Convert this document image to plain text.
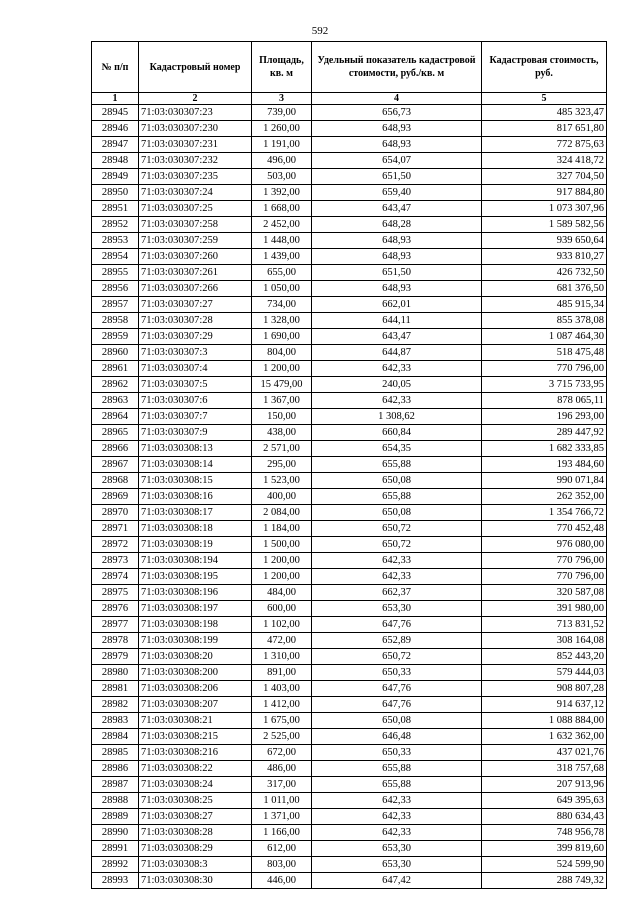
592
№ п/п	Кадастровый номер	Площадь, кв. м	Удельный показатель кадастровой стоимости, руб./кв. м	Кадастровая стоимость, руб.
1	2	3	4	5
28945	71:03:030307:23	739,00	656,73	485 323,47
28946	71:03:030307:230	1 260,00	648,93	817 651,80
28947	71:03:030307:231	1 191,00	648,93	772 875,63
28948	71:03:030307:232	496,00	654,07	324 418,72
28949	71:03:030307:235	503,00	651,50	327 704,50
28950	71:03:030307:24	1 392,00	659,40	917 884,80
28951	71:03:030307:25	1 668,00	643,47	1 073 307,96
28952	71:03:030307:258	2 452,00	648,28	1 589 582,56
28953	71:03:030307:259	1 448,00	648,93	939 650,64
28954	71:03:030307:260	1 439,00	648,93	933 810,27
28955	71:03:030307:261	655,00	651,50	426 732,50
28956	71:03:030307:266	1 050,00	648,93	681 376,50
28957	71:03:030307:27	734,00	662,01	485 915,34
28958	71:03:030307:28	1 328,00	644,11	855 378,08
28959	71:03:030307:29	1 690,00	643,47	1 087 464,30
28960	71:03:030307:3	804,00	644,87	518 475,48
28961	71:03:030307:4	1 200,00	642,33	770 796,00
28962	71:03:030307:5	15 479,00	240,05	3 715 733,95
28963	71:03:030307:6	1 367,00	642,33	878 065,11
28964	71:03:030307:7	150,00	1 308,62	196 293,00
28965	71:03:030307:9	438,00	660,84	289 447,92
28966	71:03:030308:13	2 571,00	654,35	1 682 333,85
28967	71:03:030308:14	295,00	655,88	193 484,60
28968	71:03:030308:15	1 523,00	650,08	990 071,84
28969	71:03:030308:16	400,00	655,88	262 352,00
28970	71:03:030308:17	2 084,00	650,08	1 354 766,72
28971	71:03:030308:18	1 184,00	650,72	770 452,48
28972	71:03:030308:19	1 500,00	650,72	976 080,00
28973	71:03:030308:194	1 200,00	642,33	770 796,00
28974	71:03:030308:195	1 200,00	642,33	770 796,00
28975	71:03:030308:196	484,00	662,37	320 587,08
28976	71:03:030308:197	600,00	653,30	391 980,00
28977	71:03:030308:198	1 102,00	647,76	713 831,52
28978	71:03:030308:199	472,00	652,89	308 164,08
28979	71:03:030308:20	1 310,00	650,72	852 443,20
28980	71:03:030308:200	891,00	650,33	579 444,03
28981	71:03:030308:206	1 403,00	647,76	908 807,28
28982	71:03:030308:207	1 412,00	647,76	914 637,12
28983	71:03:030308:21	1 675,00	650,08	1 088 884,00
28984	71:03:030308:215	2 525,00	646,48	1 632 362,00
28985	71:03:030308:216	672,00	650,33	437 021,76
28986	71:03:030308:22	486,00	655,88	318 757,68
28987	71:03:030308:24	317,00	655,88	207 913,96
28988	71:03:030308:25	1 011,00	642,33	649 395,63
28989	71:03:030308:27	1 371,00	642,33	880 634,43
28990	71:03:030308:28	1 166,00	642,33	748 956,78
28991	71:03:030308:29	612,00	653,30	399 819,60
28992	71:03:030308:3	803,00	653,30	524 599,90
28993	71:03:030308:30	446,00	647,42	288 749,32
